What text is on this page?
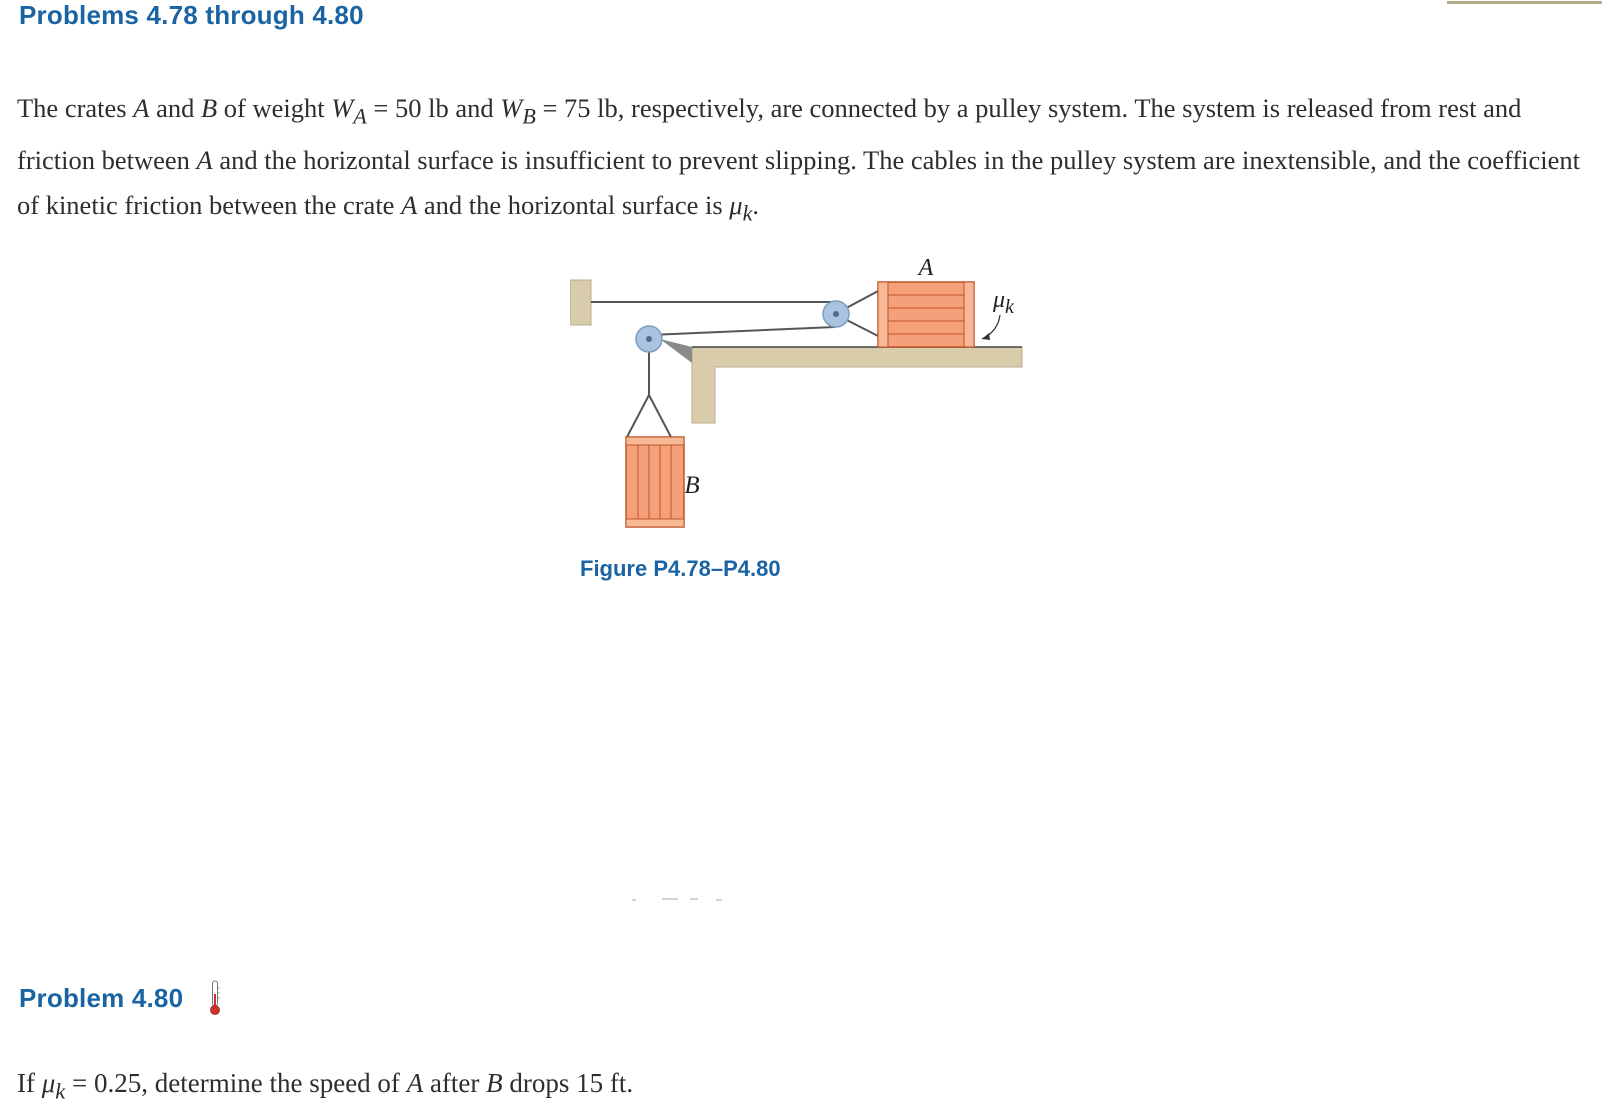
Problems 4.78 through 4.80
The crates A and B of weight $W_A = 50$ lb and $W_B = 75$ lb, respectively, are connected by a pulley system. The system is released from rest and friction between A and the horizontal surface is insufficient to prevent slipping. The cables in the pulley system are inextensible, and the coefficient of kinetic friction between the crate A and the horizontal surface is $\mu_k$.
A
B
$\mu_k$
Figure P4.78–P4.80
Problem 4.80
If $\mu_k = 0.25$, determine the speed of A after B drops 15 ft.
